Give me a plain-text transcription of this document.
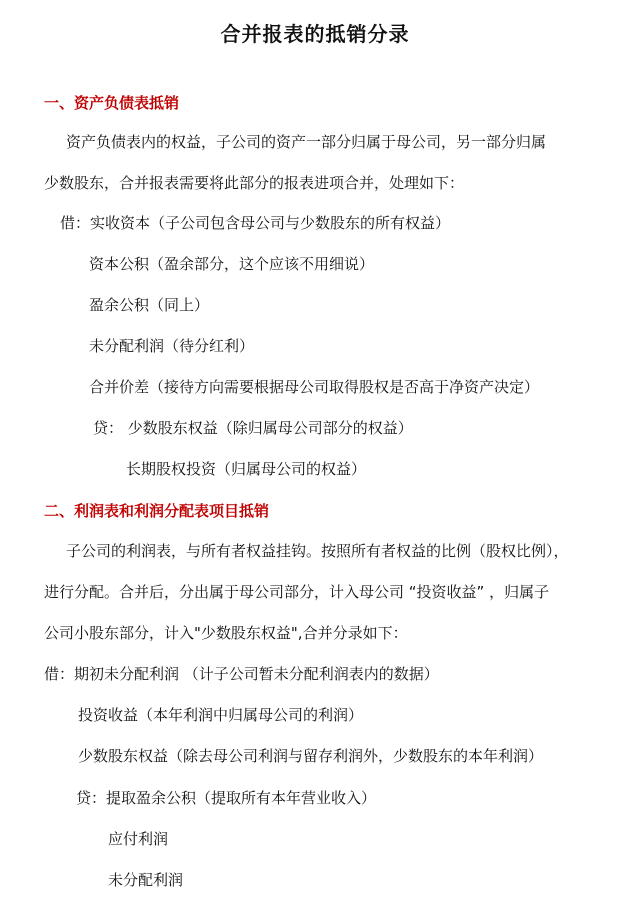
合并报表的抵销分录
一、资产负债表抵销
资产负债表内的权益，子公司的资产一部分归属于母公司，另一部分归属
少数股东，合并报表需要将此部分的报表进项合并，处理如下：
借：实收资本（子公司包含母公司与少数股东的所有权益）
资本公积（盈余部分，这个应该不用细说）
盈余公积（同上）
未分配利润（待分红利）
合并价差（接待方向需要根据母公司取得股权是否高于净资产决定）
贷： 少数股东权益（除归属母公司部分的权益）
长期股权投资（归属母公司的权益）
二、利润表和利润分配表项目抵销
子公司的利润表，与所有者权益挂钩。按照所有者权益的比例（股权比例），
进行分配。合并后，分出属于母公司部分，计入母公司 “投资收益” ，归属子
公司小股东部分，计入"少数股东权益",合并分录如下：
借：期初未分配利润 （计子公司暂未分配利润表内的数据）
投资收益（本年利润中归属母公司的利润）
少数股东权益（除去母公司利润与留存利润外，少数股东的本年利润）
贷：提取盈余公积（提取所有本年营业收入）
应付利润
未分配利润
